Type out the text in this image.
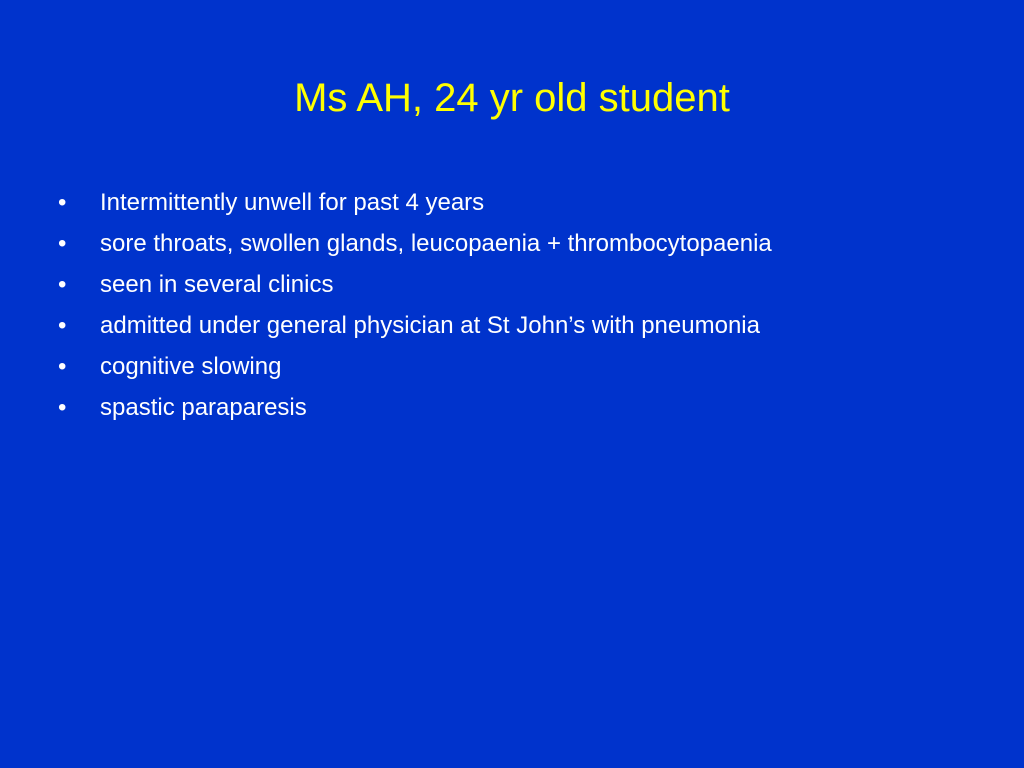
Ms AH, 24 yr old student
•	Intermittently unwell for past 4 years
•	sore throats, swollen glands, leucopaenia + thrombocytopaenia
•	seen in several clinics
•	admitted under general physician at St John’s with pneumonia
•	cognitive slowing
•	spastic paraparesis
